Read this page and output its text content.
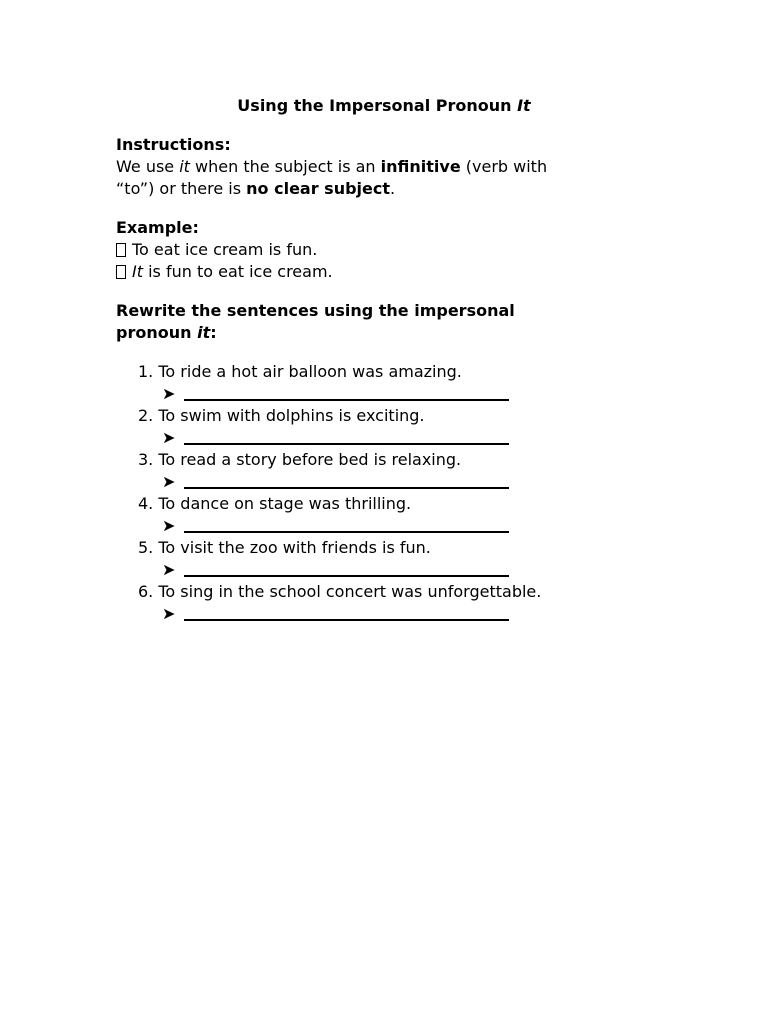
Using the Impersonal Pronoun It
Instructions:
We use it when the subject is an infinitive (verb with
“to”) or there is no clear subject.
Example:
To eat ice cream is fun.
It is fun to eat ice cream.
Rewrite the sentences using the impersonal
pronoun it:
1. To ride a hot air balloon was amazing.
➤
2. To swim with dolphins is exciting.
➤
3. To read a story before bed is relaxing.
➤
4. To dance on stage was thrilling.
➤
5. To visit the zoo with friends is fun.
➤
6. To sing in the school concert was unforgettable.
➤
